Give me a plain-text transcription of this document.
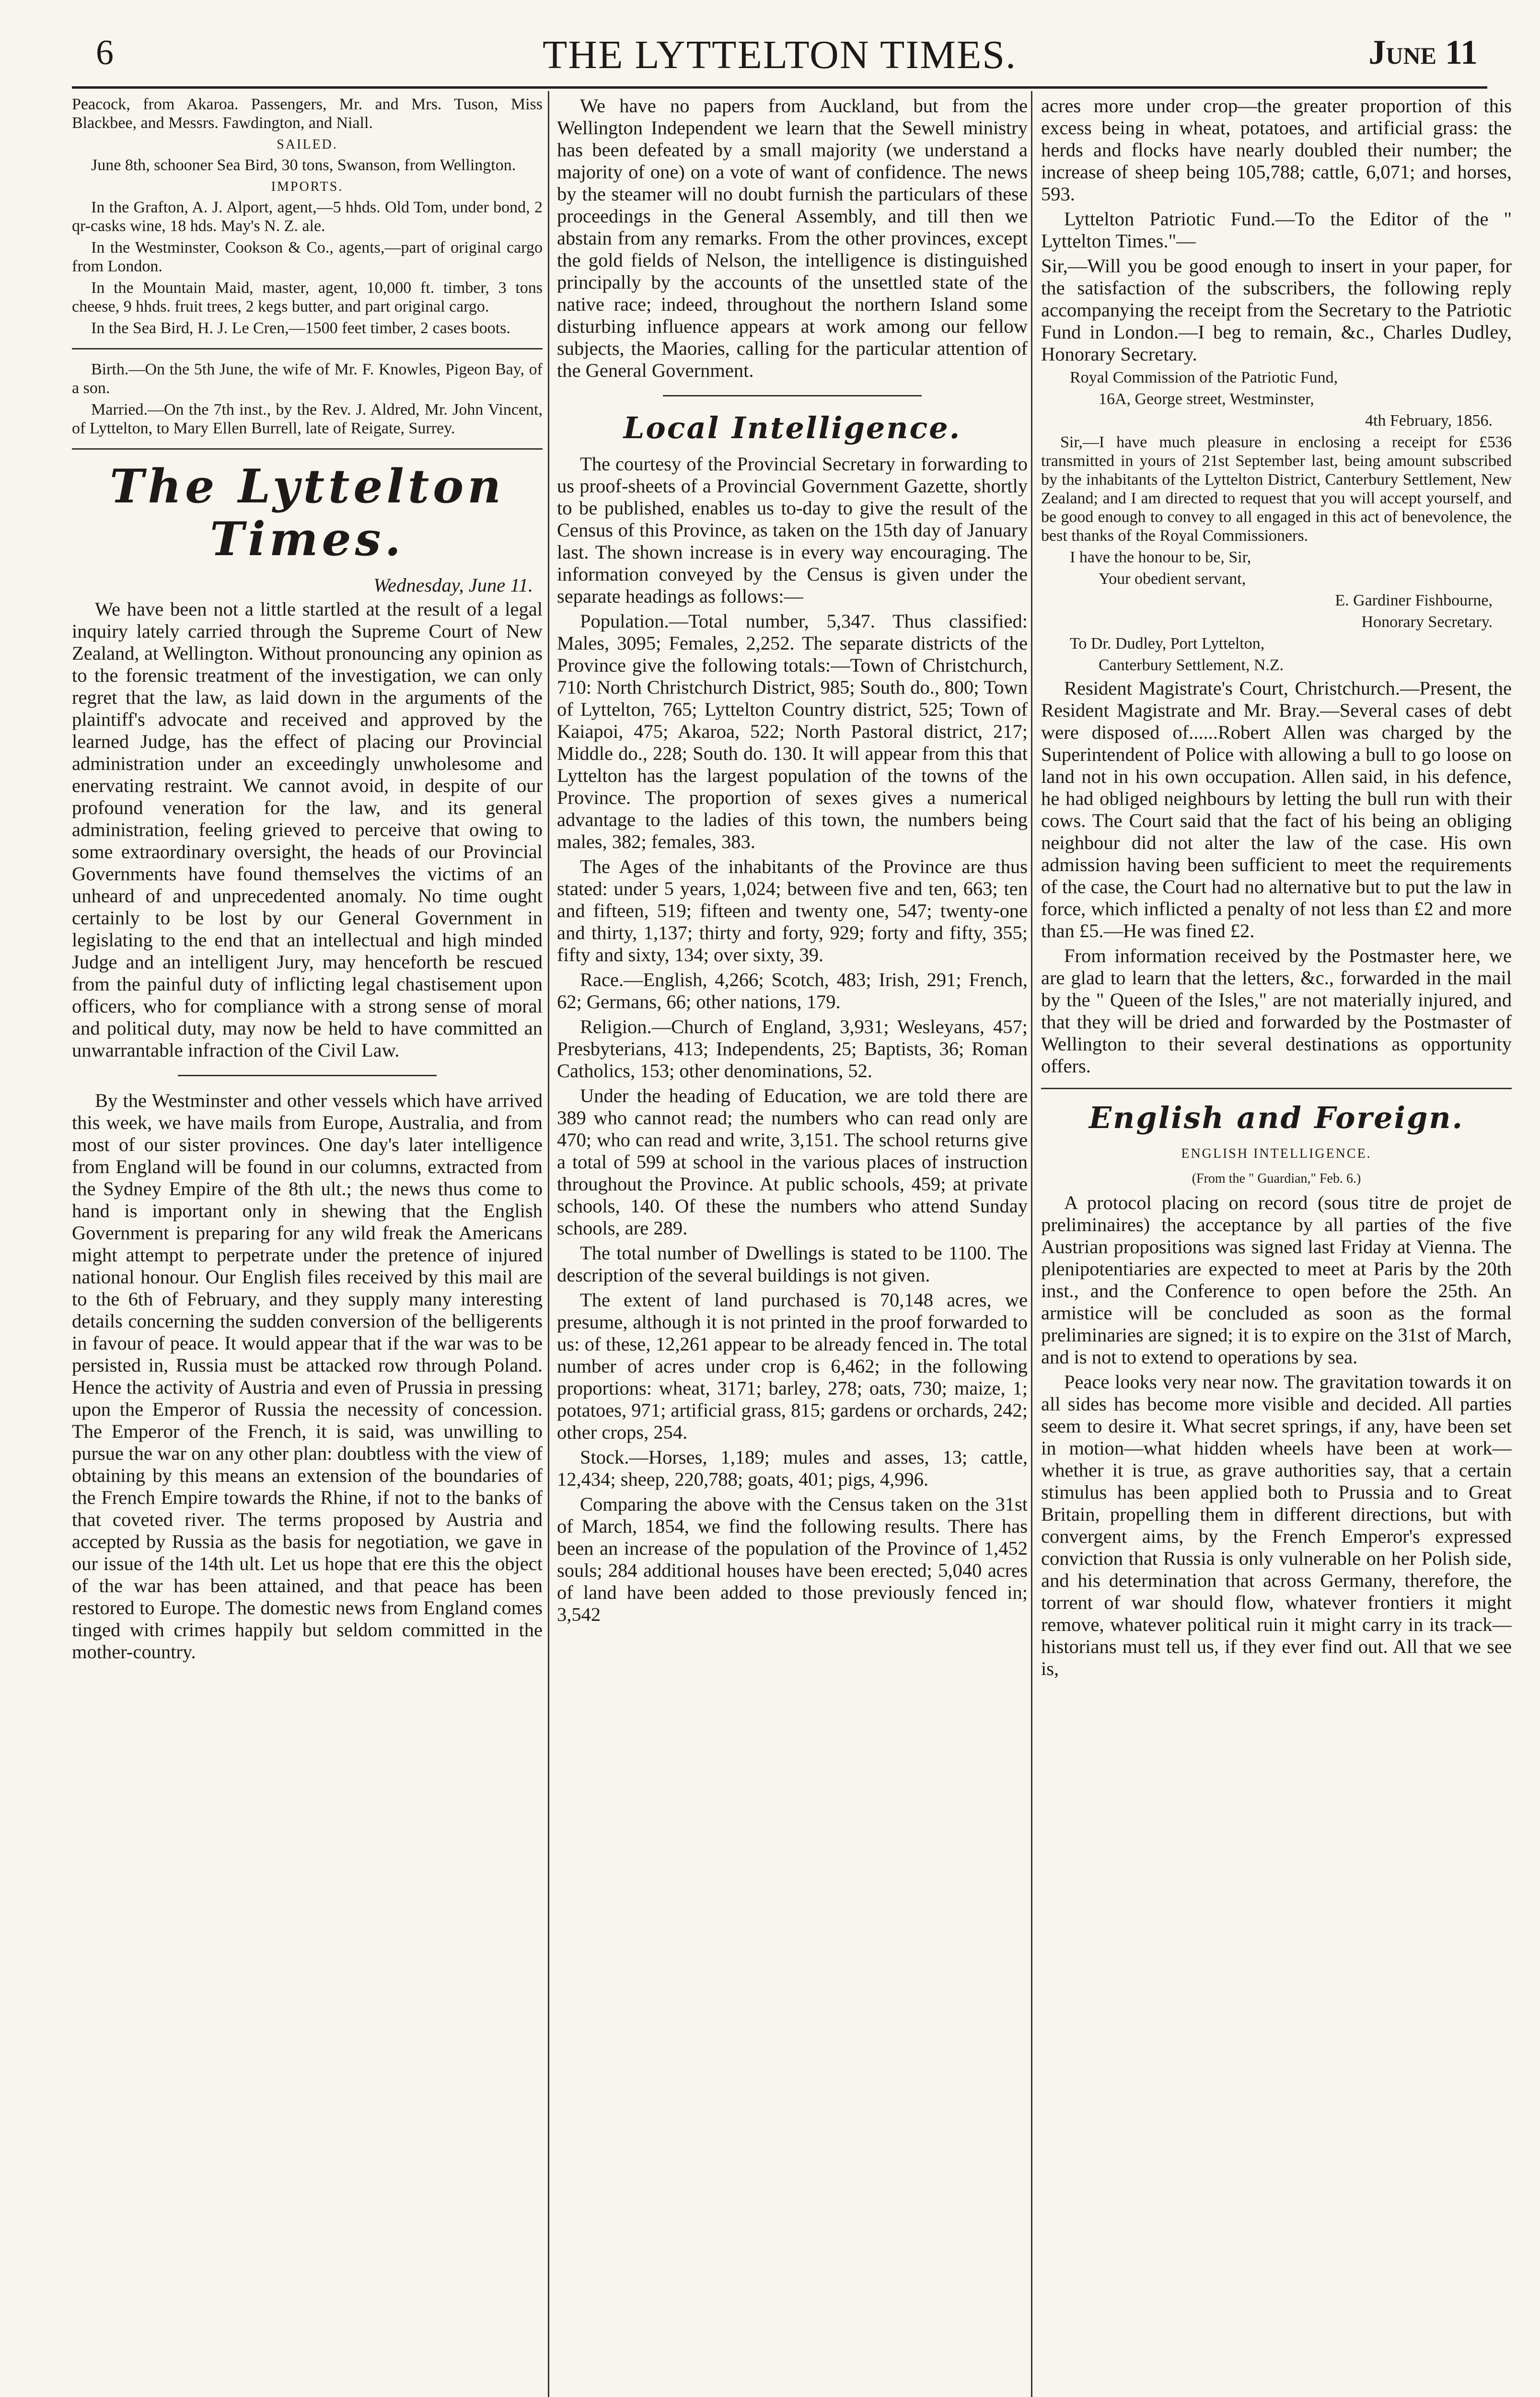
6	THE LYTTELTON TIMES.	June 11

Peacock, from Akaroa. Passengers, Mr. and Mrs. Tuson, Miss Blackbee, and Messrs. Fawdington, and Niall.

SAILED.

June 8th, schooner Sea Bird, 30 tons, Swanson, from Wellington.

IMPORTS.

In the Grafton, A. J. Alport, agent,—5 hhds. Old Tom, under bond, 2 qr-casks wine, 18 hds. May's N. Z. ale.

In the Westminster, Cookson & Co., agents,—part of original cargo from London.

In the Mountain Maid, master, agent, 10,000 ft. timber, 3 tons cheese, 9 hhds. fruit trees, 2 kegs butter, and part original cargo.

In the Sea Bird, H. J. Le Cren,—1500 feet timber, 2 cases boots.

Birth.—On the 5th June, the wife of Mr. F. Knowles, Pigeon Bay, of a son.

Married.—On the 7th inst., by the Rev. J. Aldred, Mr. John Vincent, of Lyttelton, to Mary Ellen Burrell, late of Reigate, Surrey.

The Lyttelton Times.
Wednesday, June 11.

We have been not a little startled at the result of a legal inquiry lately carried through the Supreme Court of New Zealand, at Wellington. Without pronouncing any opinion as to the forensic treatment of the investigation, we can only regret that the law, as laid down in the arguments of the plaintiff's advocate and received and approved by the learned Judge, has the effect of placing our Provincial administration under an exceedingly unwholesome and enervating restraint. We cannot avoid, in despite of our profound veneration for the law, and its general administration, feeling grieved to perceive that owing to some extraordinary oversight, the heads of our Provincial Governments have found themselves the victims of an unheard of and unprecedented anomaly. No time ought certainly to be lost by our General Government in legislating to the end that an intellectual and high minded Judge and an intelligent Jury, may henceforth be rescued from the painful duty of inflicting legal chastisement upon officers, who for compliance with a strong sense of moral and political duty, may now be held to have committed an unwarrantable infraction of the Civil Law.

By the Westminster and other vessels which have arrived this week, we have mails from Europe, Australia, and from most of our sister provinces. One day's later intelligence from England will be found in our columns, extracted from the Sydney Empire of the 8th ult.; the news thus come to hand is important only in shewing that the English Government is preparing for any wild freak the Americans might attempt to perpetrate under the pretence of injured national honour. Our English files received by this mail are to the 6th of February, and they supply many interesting details concerning the sudden conversion of the belligerents in favour of peace. It would appear that if the war was to be persisted in, Russia must be attacked row through Poland. Hence the activity of Austria and even of Prussia in pressing upon the Emperor of Russia the necessity of concession. The Emperor of the French, it is said, was unwilling to pursue the war on any other plan: doubtless with the view of obtaining by this means an extension of the boundaries of the French Empire towards the Rhine, if not to the banks of that coveted river. The terms proposed by Austria and accepted by Russia as the basis for negotiation, we gave in our issue of the 14th ult. Let us hope that ere this the object of the war has been attained, and that peace has been restored to Europe. The domestic news from England comes tinged with crimes happily but seldom committed in the mother-country.

We have no papers from Auckland, but from the Wellington Independent we learn that the Sewell ministry has been defeated by a small majority (we understand a majority of one) on a vote of want of confidence. The news by the steamer will no doubt furnish the particulars of these proceedings in the General Assembly, and till then we abstain from any remarks. From the other provinces, except the gold fields of Nelson, the intelligence is distinguished principally by the accounts of the unsettled state of the native race; indeed, throughout the northern Island some disturbing influence appears at work among our fellow subjects, the Maories, calling for the particular attention of the General Government.

Local Intelligence.

The courtesy of the Provincial Secretary in forwarding to us proof-sheets of a Provincial Government Gazette, shortly to be published, enables us to-day to give the result of the Census of this Province, as taken on the 15th day of January last. The shown increase is in every way encouraging. The information conveyed by the Census is given under the separate headings as follows:—

Population.—Total number, 5,347. Thus classified: Males, 3095; Females, 2,252. The separate districts of the Province give the following totals:—Town of Christchurch, 710: North Christchurch District, 985; South do., 800; Town of Lyttelton, 765; Lyttelton Country district, 525; Town of Kaiapoi, 475; Akaroa, 522; North Pastoral district, 217; Middle do., 228; South do. 130. It will appear from this that Lyttelton has the largest population of the towns of the Province. The proportion of sexes gives a numerical advantage to the ladies of this town, the numbers being males, 382; females, 383.

The Ages of the inhabitants of the Province are thus stated: under 5 years, 1,024; between five and ten, 663; ten and fifteen, 519; fifteen and twenty one, 547; twenty-one and thirty, 1,137; thirty and forty, 929; forty and fifty, 355; fifty and sixty, 134; over sixty, 39.

Race.—English, 4,266; Scotch, 483; Irish, 291; French, 62; Germans, 66; other nations, 179.

Religion.—Church of England, 3,931; Wesleyans, 457; Presbyterians, 413; Independents, 25; Baptists, 36; Roman Catholics, 153; other denominations, 52.

Under the heading of Education, we are told there are 389 who cannot read; the numbers who can read only are 470; who can read and write, 3,151. The school returns give a total of 599 at school in the various places of instruction throughout the Province. At public schools, 459; at private schools, 140. Of these the numbers who attend Sunday schools, are 289.

The total number of Dwellings is stated to be 1100. The description of the several buildings is not given.

The extent of land purchased is 70,148 acres, we presume, although it is not printed in the proof forwarded to us: of these, 12,261 appear to be already fenced in. The total number of acres under crop is 6,462; in the following proportions: wheat, 3171; barley, 278; oats, 730; maize, 1; potatoes, 971; artificial grass, 815; gardens or orchards, 242; other crops, 254.

Stock.—Horses, 1,189; mules and asses, 13; cattle, 12,434; sheep, 220,788; goats, 401; pigs, 4,996.

Comparing the above with the Census taken on the 31st of March, 1854, we find the following results. There has been an increase of the population of the Province of 1,452 souls; 284 additional houses have been erected; 5,040 acres of land have been added to those previously fenced in; 3,542

acres more under crop—the greater proportion of this excess being in wheat, potatoes, and artificial grass: the herds and flocks have nearly doubled their number; the increase of sheep being 105,788; cattle, 6,071; and horses, 593.

Lyttelton Patriotic Fund.—To the Editor of the " Lyttelton Times."—

Sir,—Will you be good enough to insert in your paper, for the satisfaction of the subscribers, the following reply accompanying the receipt from the Secretary to the Patriotic Fund in London.—I beg to remain, &c., Charles Dudley, Honorary Secretary.

Royal Commission of the Patriotic Fund,

16A, George street, Westminster,

4th February, 1856.

Sir,—I have much pleasure in enclosing a receipt for £536 transmitted in yours of 21st September last, being amount subscribed by the inhabitants of the Lyttelton District, Canterbury Settlement, New Zealand; and I am directed to request that you will accept yourself, and be good enough to convey to all engaged in this act of benevolence, the best thanks of the Royal Commissioners.

I have the honour to be, Sir,

Your obedient servant,

E. Gardiner Fishbourne,

Honorary Secretary.

To Dr. Dudley, Port Lyttelton,

Canterbury Settlement, N.Z.

Resident Magistrate's Court, Christchurch.—Present, the Resident Magistrate and Mr. Bray.—Several cases of debt were disposed of......Robert Allen was charged by the Superintendent of Police with allowing a bull to go loose on land not in his own occupation. Allen said, in his defence, he had obliged neighbours by letting the bull run with their cows. The Court said that the fact of his being an obliging neighbour did not alter the law of the case. His own admission having been sufficient to meet the requirements of the case, the Court had no alternative but to put the law in force, which inflicted a penalty of not less than £2 and more than £5.—He was fined £2.

From information received by the Postmaster here, we are glad to learn that the letters, &c., forwarded in the mail by the " Queen of the Isles," are not materially injured, and that they will be dried and forwarded by the Postmaster of Wellington to their several destinations as opportunity offers.

English and Foreign.
ENGLISH INTELLIGENCE.
(From the " Guardian," Feb. 6.)

A protocol placing on record (sous titre de projet de preliminaires) the acceptance by all parties of the five Austrian propositions was signed last Friday at Vienna. The plenipotentiaries are expected to meet at Paris by the 20th inst., and the Conference to open before the 25th. An armistice will be concluded as soon as the formal preliminaries are signed; it is to expire on the 31st of March, and is not to extend to operations by sea.

Peace looks very near now. The gravitation towards it on all sides has become more visible and decided. All parties seem to desire it. What secret springs, if any, have been set in motion—what hidden wheels have been at work—whether it is true, as grave authorities say, that a certain stimulus has been applied both to Prussia and to Great Britain, propelling them in different directions, but with convergent aims, by the French Emperor's expressed conviction that Russia is only vulnerable on her Polish side, and his determination that across Germany, therefore, the torrent of war should flow, whatever frontiers it might remove, whatever political ruin it might carry in its track—historians must tell us, if they ever find out. All that we see is,
